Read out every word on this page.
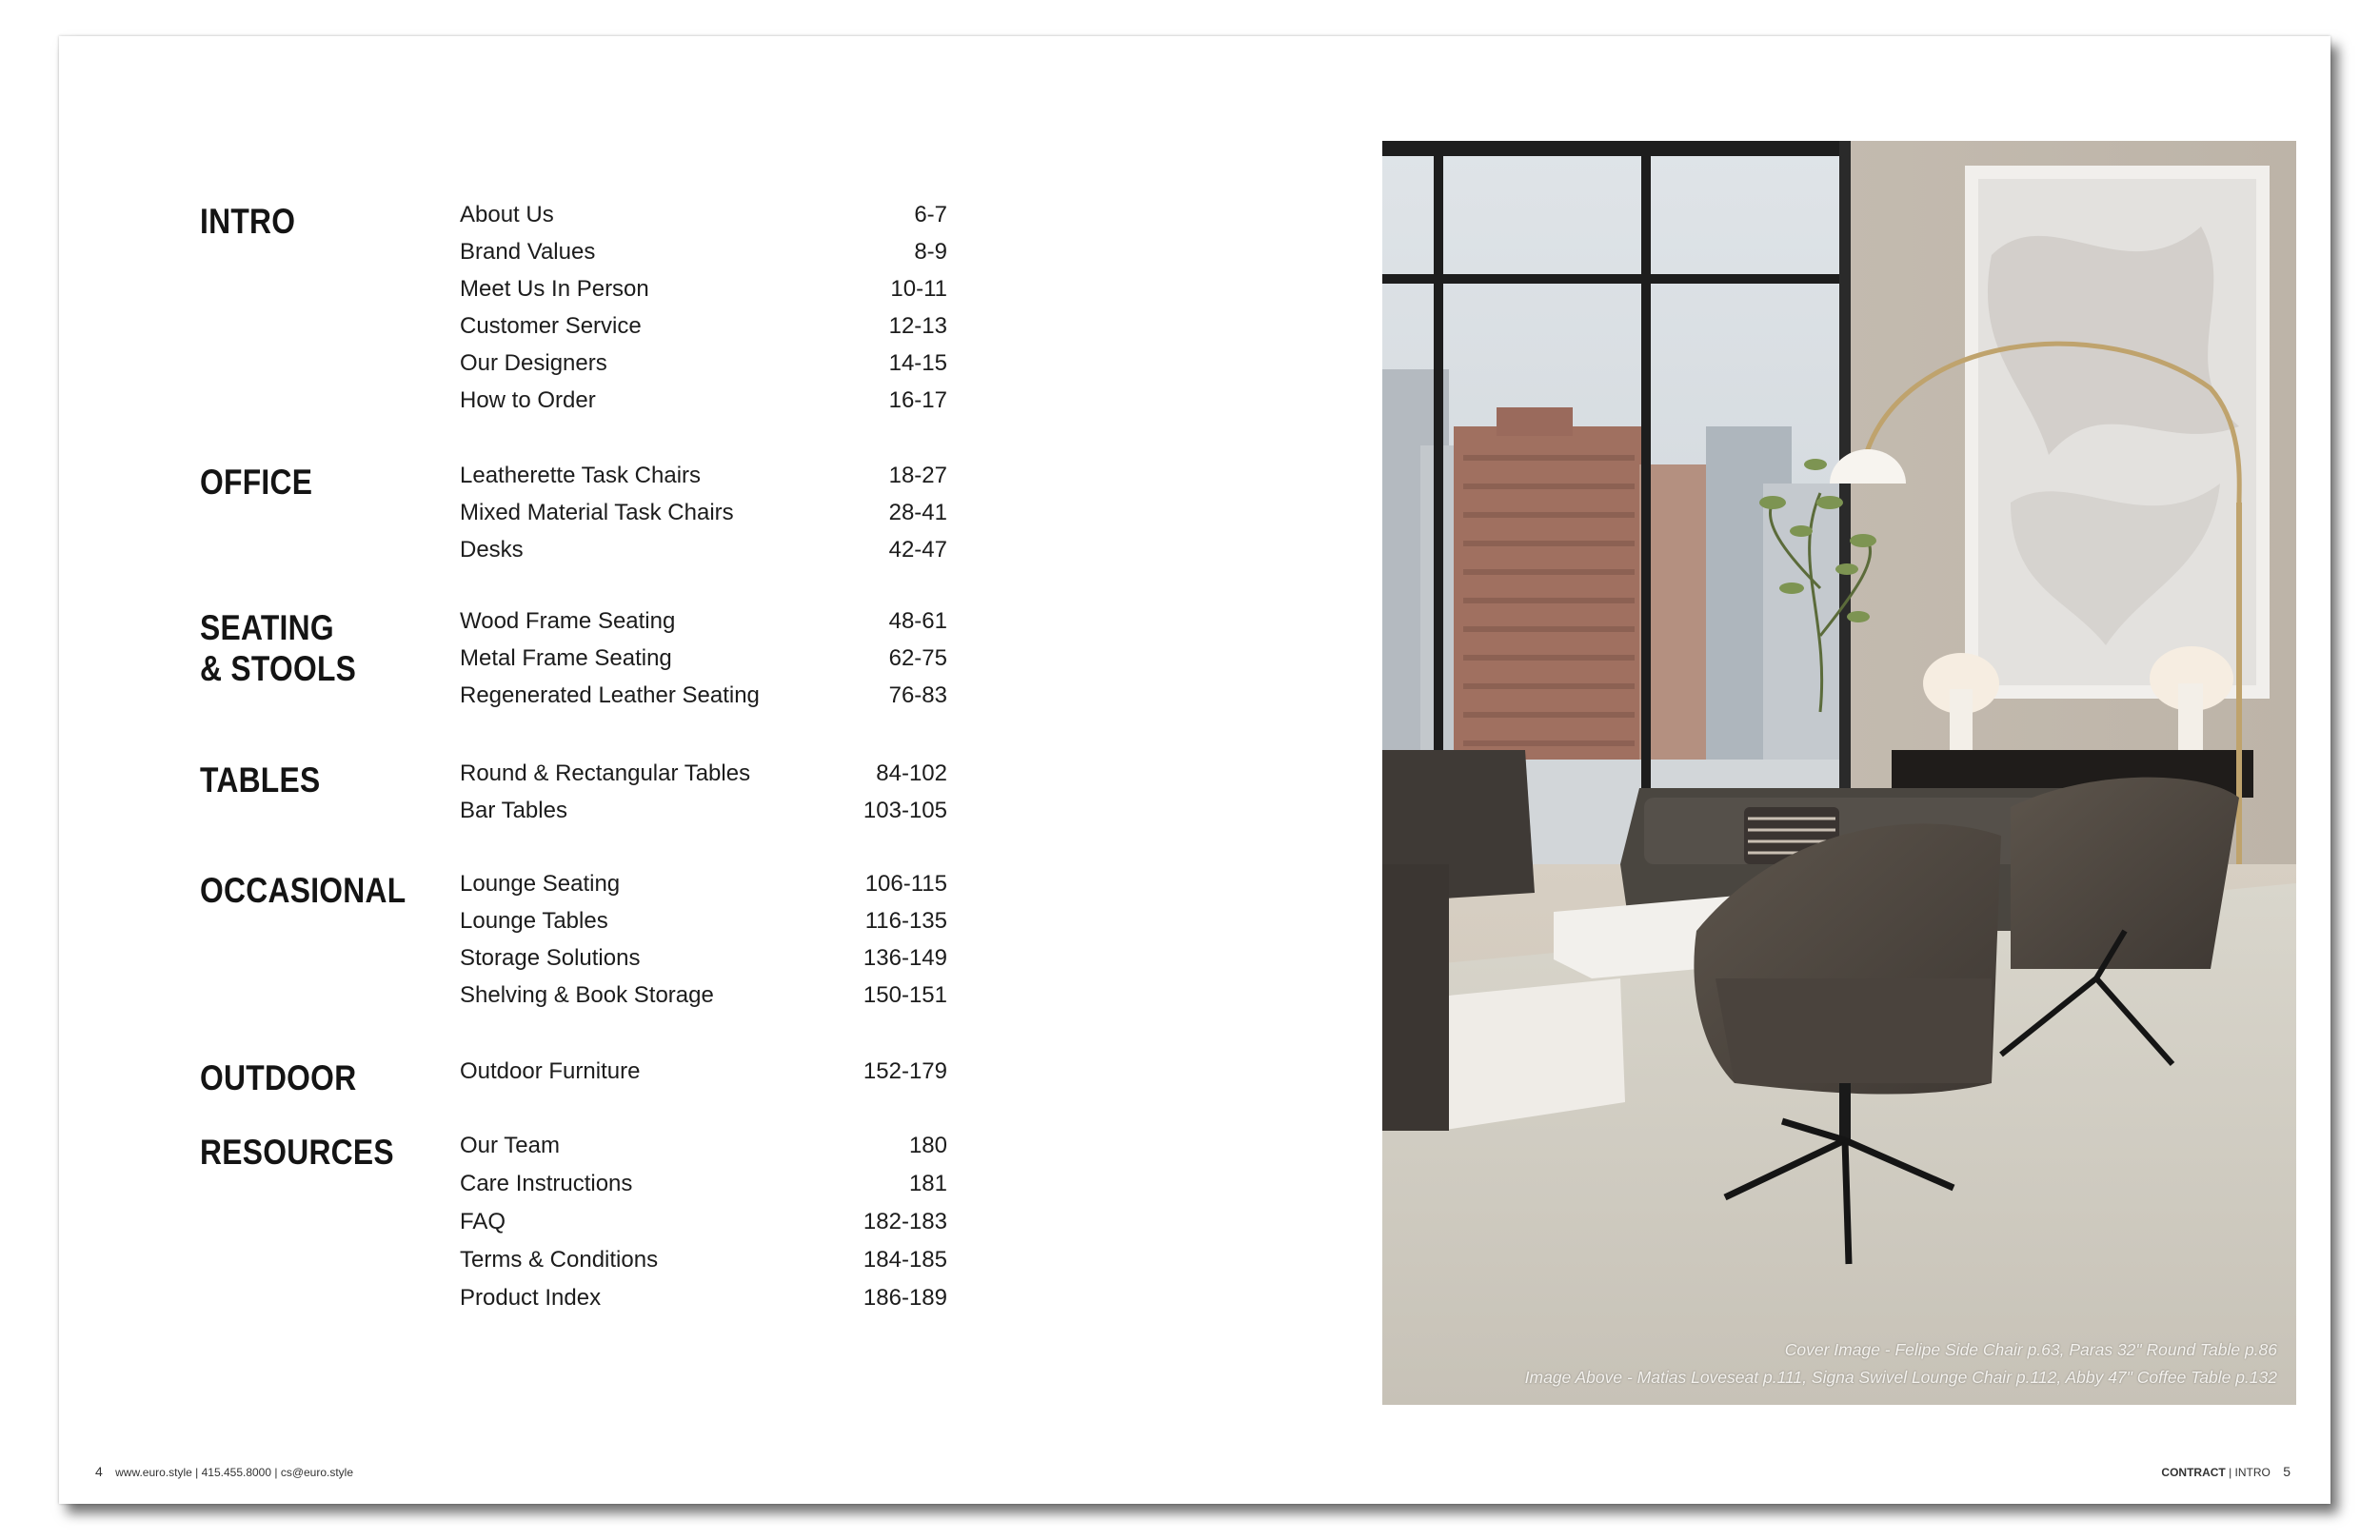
INTRO	About Us	6-7
Brand Values	8-9
Meet Us In Person	10-11
Customer Service	12-13
Our Designers	14-15
How to Order	16-17
OFFICE	Leatherette Task Chairs	18-27
Mixed Material Task Chairs	28-41
Desks	42-47
SEATING
& STOOLS
Wood Frame Seating	48-61
Metal Frame Seating	62-75
Regenerated Leather Seating	76-83
TABLES	Round & Rectangular Tables	84-102
Bar Tables	103-105
OCCASIONAL Lounge Seating	106-115
Lounge Tables	116-135
Storage Solutions	136-149
Shelving & Book Storage	150-151
OUTDOOR	Outdoor Furniture	152-179
RESOURCES	Our Team	180
Care Instructions	181
FAQ	182-183
Terms & Conditions	184-185
Product Index	186-189
4 www.euro.style | 415.455.8000 | cs@euro.style	CONTRACT | INTRO 5
Cover Image - Felipe Side Chair p.63, Paras 32" Round Table p.86
Image Above - Matias Loveseat p.111, Signa Swivel Lounge Chair p.112, Abby 47" Coffee Table p.132
